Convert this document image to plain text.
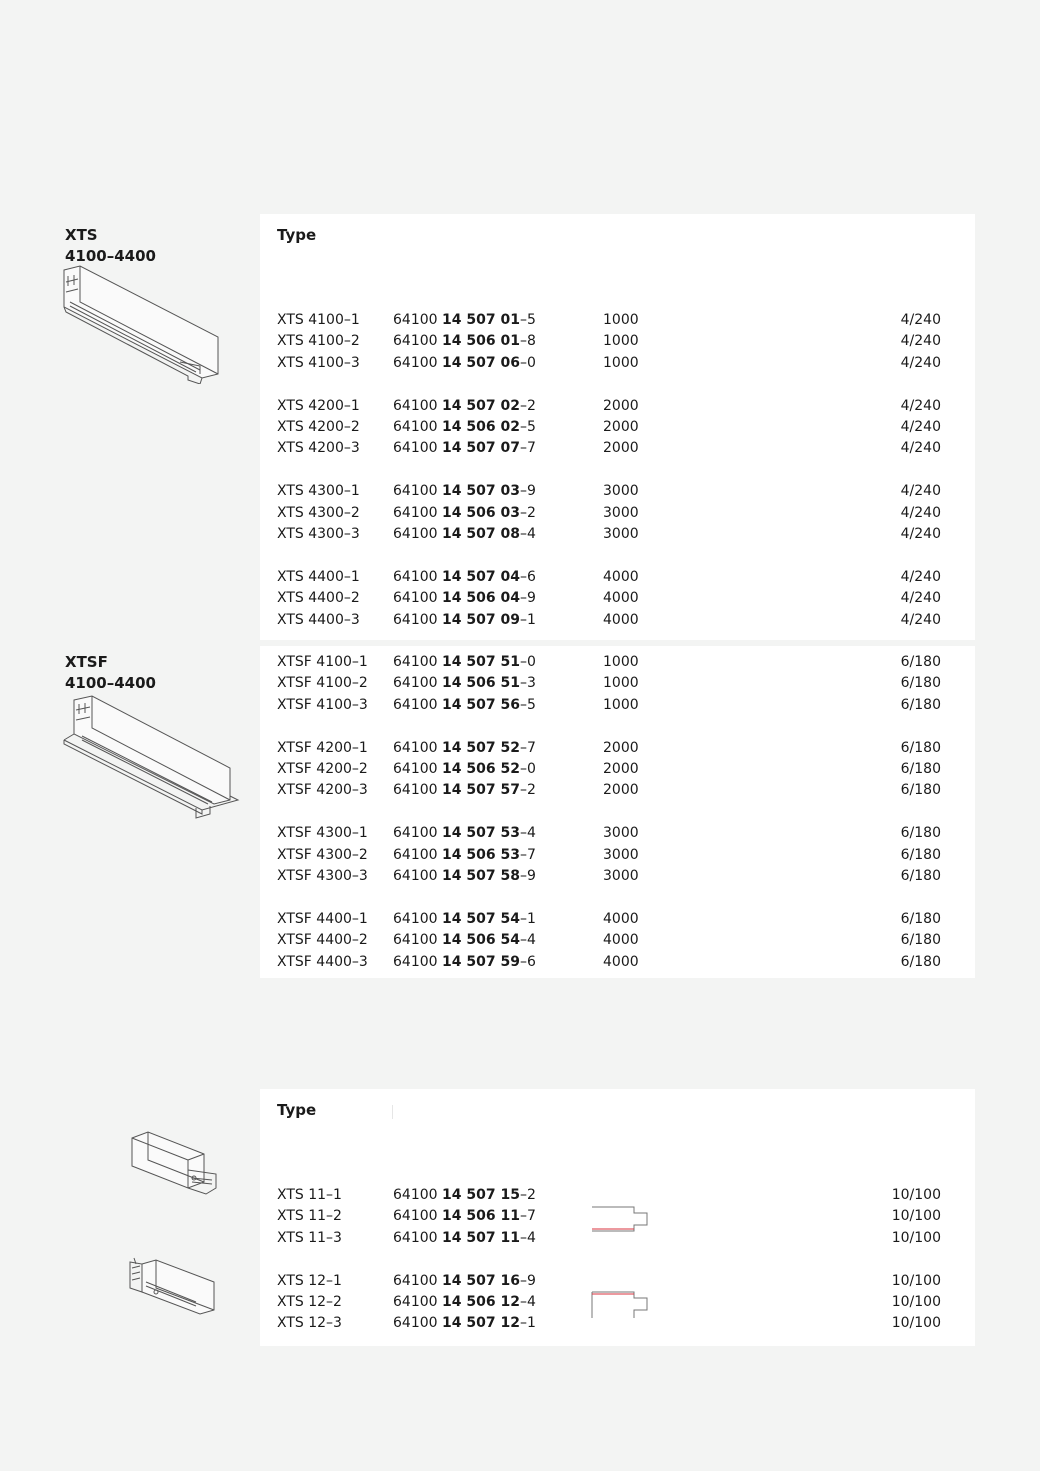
XTS
4100–4400
Type
XTS 4100–1 64100 14 507 01–5	1000	4/240
XTS 4100–2 64100 14 506 01–8	1000	4/240
XTS 4100–3 64100 14 507 06–0	1000	4/240
XTS 4200–1 64100 14 507 02–2	2000	4/240
XTS 4200–2 64100 14 506 02–5	2000	4/240
XTS 4200–3 64100 14 507 07–7	2000	4/240
XTS 4300–1 64100 14 507 03–9	3000	4/240
XTS 4300–2 64100 14 506 03–2	3000	4/240
XTS 4300–3 64100 14 507 08–4	3000	4/240
XTS 4400–1 64100 14 507 04–6	4000	4/240
XTS 4400–2 64100 14 506 04–9	4000	4/240
XTS 4400–3 64100 14 507 09–1	4000	4/240
XTSF
4100–4400
XTSF 4100–1 64100 14 507 51–0	1000	6/180
XTSF 4100–2 64100 14 506 51–3	1000	6/180
XTSF 4100–3 64100 14 507 56–5	1000	6/180
XTSF 4200–1 64100 14 507 52–7	2000	6/180
XTSF 4200–2 64100 14 506 52–0	2000	6/180
XTSF 4200–3 64100 14 507 57–2	2000	6/180
XTSF 4300–1 64100 14 507 53–4	3000	6/180
XTSF 4300–2 64100 14 506 53–7	3000	6/180
XTSF 4300–3 64100 14 507 58–9	3000	6/180
XTSF 4400–1 64100 14 507 54–1	4000	6/180
XTSF 4400–2 64100 14 506 54–4	4000	6/180
XTSF 4400–3 64100 14 507 59–6	4000	6/180
Type
XTS 11–1	64100 14 507 15–2	10/100
XTS 11–2	64100 14 506 11–7	10/100
XTS 11–3	64100 14 507 11–4	10/100
XTS 12–1	64100 14 507 16–9	10/100
XTS 12–2	64100 14 506 12–4	10/100
XTS 12–3	64100 14 507 12–1	10/100
